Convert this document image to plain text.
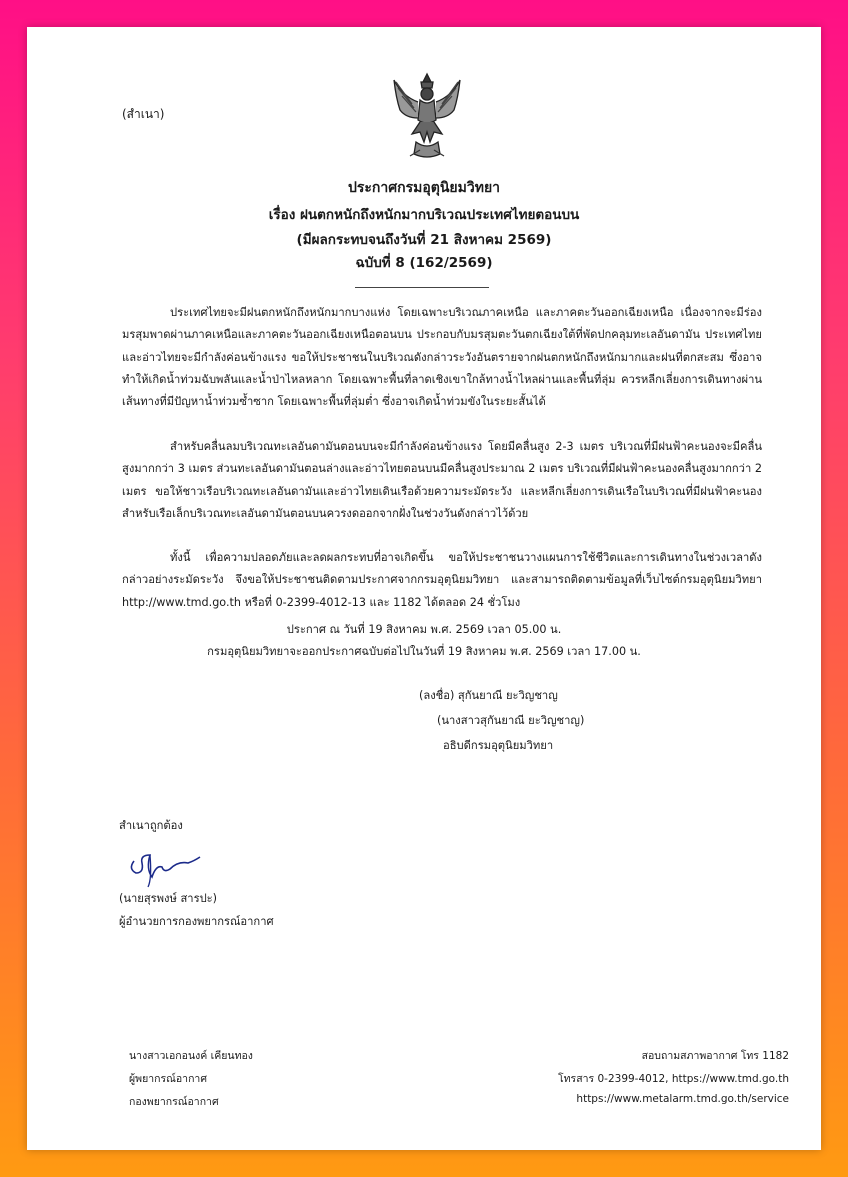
(สำเนา)
ประกาศกรมอุตุนิยมวิทยา
เรื่อง ฝนตกหนักถึงหนักมากบริเวณประเทศไทยตอนบน
(มีผลกระทบจนถึงวันที่ 21 สิงหาคม 2569)
ฉบับที่ 8 (162/2569)

ประเทศไทยจะมีฝนตกหนักถึงหนักมากบางแห่ง โดยเฉพาะบริเวณภาคเหนือ และภาคตะวันออกเฉียงเหนือ เนื่องจากจะมีร่องมรสุมพาดผ่านภาคเหนือและภาคตะวันออกเฉียงเหนือตอนบน ประกอบกับมรสุมตะวันตกเฉียงใต้ที่พัดปกคลุมทะเลอันดามัน ประเทศไทย และอ่าวไทยจะมีกำลังค่อนข้างแรง ขอให้ประชาชนในบริเวณดังกล่าวระวังอันตรายจากฝนตกหนักถึงหนักมากและฝนที่ตกสะสม ซึ่งอาจทำให้เกิดน้ำท่วมฉับพลันและน้ำป่าไหลหลาก โดยเฉพาะพื้นที่ลาดเชิงเขาใกล้ทางน้ำไหลผ่านและพื้นที่ลุ่ม ควรหลีกเลี่ยงการเดินทางผ่านเส้นทางที่มีปัญหาน้ำท่วมซ้ำซาก โดยเฉพาะพื้นที่ลุ่มต่ำ ซึ่งอาจเกิดน้ำท่วมขังในระยะสั้นได้

สำหรับคลื่นลมบริเวณทะเลอันดามันตอนบนจะมีกำลังค่อนข้างแรง โดยมีคลื่นสูง 2-3 เมตร บริเวณที่มีฝนฟ้าคะนองจะมีคลื่นสูงมากกว่า 3 เมตร ส่วนทะเลอันดามันตอนล่างและอ่าวไทยตอนบนมีคลื่นสูงประมาณ 2 เมตร บริเวณที่มีฝนฟ้าคะนองคลื่นสูงมากกว่า 2 เมตร ขอให้ชาวเรือบริเวณทะเลอันดามันและอ่าวไทยเดินเรือด้วยความระมัดระวัง และหลีกเลี่ยงการเดินเรือในบริเวณที่มีฝนฟ้าคะนอง สำหรับเรือเล็กบริเวณทะเลอันดามันตอนบนควรงดออกจากฝั่งในช่วงวันดังกล่าวไว้ด้วย

ทั้งนี้ เพื่อความปลอดภัยและลดผลกระทบที่อาจเกิดขึ้น ขอให้ประชาชนวางแผนการใช้ชีวิตและการเดินทางในช่วงเวลาดังกล่าวอย่างระมัดระวัง จึงขอให้ประชาชนติดตามประกาศจากกรมอุตุนิยมวิทยา และสามารถติดตามข้อมูลที่เว็บไซต์กรมอุตุนิยมวิทยา http://www.tmd.go.th หรือที่ 0-2399-4012-13 และ 1182 ได้ตลอด 24 ชั่วโมง

ประกาศ ณ วันที่ 19 สิงหาคม พ.ศ. 2569 เวลา 05.00 น.
กรมอุตุนิยมวิทยาจะออกประกาศฉบับต่อไปในวันที่ 19 สิงหาคม พ.ศ. 2569 เวลา 17.00 น.
(ลงชื่อ) สุกันยาณี ยะวิญชาญ
(นางสาวสุกันยาณี ยะวิญชาญ)
อธิบดีกรมอุตุนิยมวิทยา
สำเนาถูกต้อง
(นายสุรพงษ์ สารปะ)
ผู้อำนวยการกองพยากรณ์อากาศ
นางสาวเอกอนงค์ เคียนทอง
ผู้พยากรณ์อากาศ
กองพยากรณ์อากาศ
สอบถามสภาพอากาศ โทร 1182
โทรสาร 0-2399-4012, https://www.tmd.go.th
https://www.metalarm.tmd.go.th/service
